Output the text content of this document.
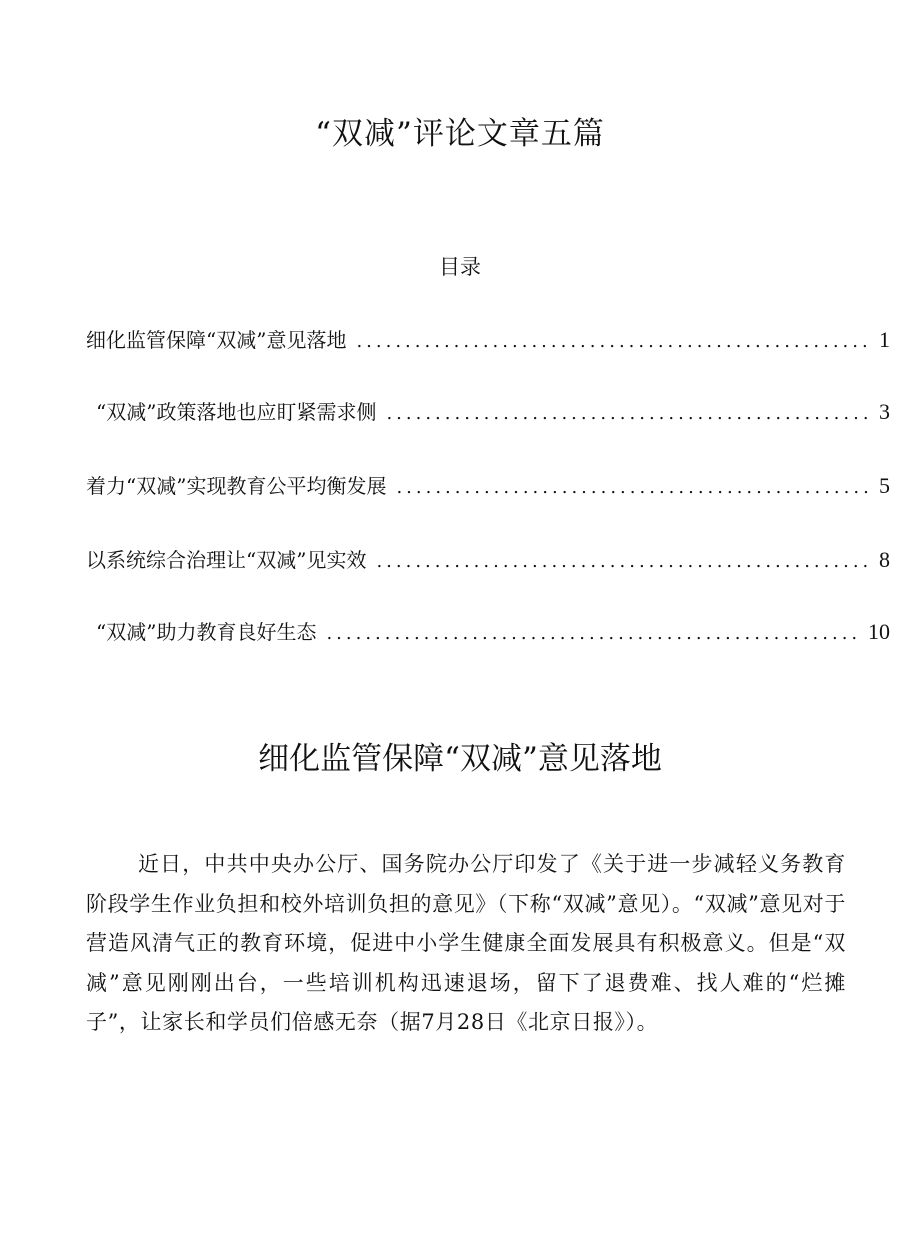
“双减”评论文章五篇
目录
细化监管保障“双减”意见落地 .....	1
“双减”政策落地也应盯紧需求侧 .....	3
着力“双减”实现教育公平均衡发展 .....	5
以系统综合治理让“双减”见实效 .....	8
“双减”助力教育良好生态 .....	10
细化监管保障“双减”意见落地

近日，中共中央办公厅、国务院办公厅印发了《关于进一步减轻义务教育阶段学生作业负担和校外培训负担的意见》（下称“双减”意见）。“双减”意见对于营造风清气正的教育环境，促进中小学生健康全面发展具有积极意义。但是“双减”意见刚刚出台，一些培训机构迅速退场，留下了退费难、找人难的“烂摊子”，让家长和学员们倍感无奈（据7月28日《北京日报》）。
